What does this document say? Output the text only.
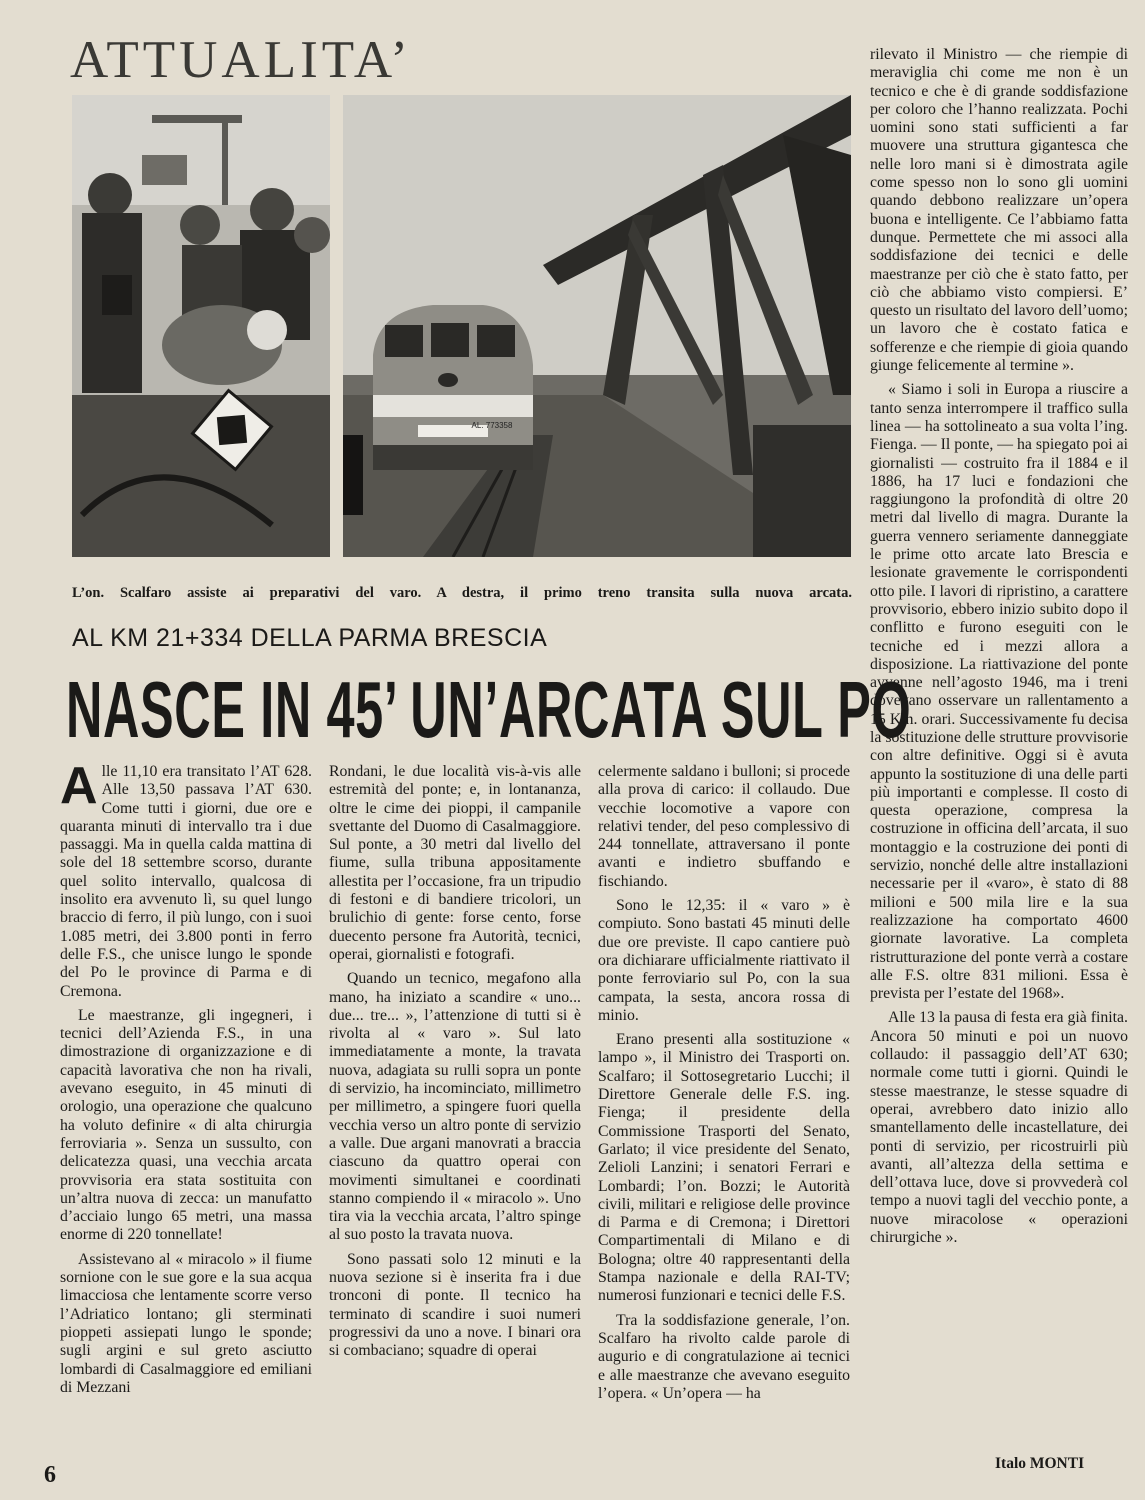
ATTUALITA’
AL. 773358
L’on. Scalfaro assiste ai preparativi del varo. A destra, il primo treno transita sulla nuova arcata.
AL KM 21+334 DELLA PARMA BRESCIA
NASCE IN 45’ UN’ARCATA SUL PO

Alle 11,10 era transitato l’AT 628. Alle 13,50 passava l’AT 630. Come tutti i giorni, due ore e quaranta minuti di intervallo tra i due passaggi. Ma in quella calda mattina di sole del 18 settembre scorso, durante quel solito intervallo, qualcosa di insolito era avvenuto lì, su quel lungo braccio di ferro, il più lungo, con i suoi 1.085 metri, dei 3.800 ponti in ferro delle F.S., che unisce lungo le sponde del Po le province di Parma e di Cremona.

Le maestranze, gli ingegneri, i tecnici dell’Azienda F.S., in una dimostrazione di organizzazione e di capacità lavorativa che non ha rivali, avevano eseguito, in 45 minuti di orologio, una operazione che qualcuno ha voluto definire « di alta chirurgia ferroviaria ». Senza un sussulto, con delicatezza quasi, una vecchia arcata provvisoria era stata sostituita con un’altra nuova di zecca: un manufatto d’acciaio lungo 65 metri, una massa enorme di 220 tonnellate!

Assistevano al « miracolo » il fiume sornione con le sue gore e la sua acqua limacciosa che lentamente scorre verso l’Adriatico lontano; gli sterminati pioppeti assiepati lungo le sponde; sugli argini e sul greto asciutto lombardi di Casalmaggiore ed emiliani di Mezzani

Rondani, le due località vis-à-vis alle estremità del ponte; e, in lontananza, oltre le cime dei pioppi, il campanile svettante del Duomo di Casalmaggiore. Sul ponte, a 30 metri dal livello del fiume, sulla tribuna appositamente allestita per l’occasione, fra un tripudio di festoni e di bandiere tricolori, un brulichio di gente: forse cento, forse duecento persone fra Autorità, tecnici, operai, giornalisti e fotografi.

Quando un tecnico, megafono alla mano, ha iniziato a scandire « uno... due... tre... », l’attenzione di tutti si è rivolta al « varo ». Sul lato immediatamente a monte, la travata nuova, adagiata su rulli sopra un ponte di servizio, ha incominciato, millimetro per millimetro, a spingere fuori quella vecchia verso un altro ponte di servizio a valle. Due argani manovrati a braccia ciascuno da quattro operai con movimenti simultanei e coordinati stanno compiendo il « miracolo ». Uno tira via la vecchia arcata, l’altro spinge al suo posto la travata nuova.

Sono passati solo 12 minuti e la nuova sezione si è inserita fra i due tronconi di ponte. Il tecnico ha terminato di scandire i suoi numeri progressivi da uno a nove. I binari ora si combaciano; squadre di operai

celermente saldano i bulloni; si procede alla prova di carico: il collaudo. Due vecchie locomotive a vapore con relativi tender, del peso complessivo di 244 tonnellate, attraversano il ponte avanti e indietro sbuffando e fischiando.

Sono le 12,35: il « varo » è compiuto. Sono bastati 45 minuti delle due ore previste. Il capo cantiere può ora dichiarare ufficialmente riattivato il ponte ferroviario sul Po, con la sua campata, la sesta, ancora rossa di minio.

Erano presenti alla sostituzione « lampo », il Ministro dei Trasporti on. Scalfaro; il Sottosegretario Lucchi; il Direttore Generale delle F.S. ing. Fienga; il presidente della Commissione Trasporti del Senato, Garlato; il vice presidente del Senato, Zelioli Lanzini; i senatori Ferrari e Lombardi; l’on. Bozzi; le Autorità civili, militari e religiose delle province di Parma e di Cremona; i Direttori Compartimentali di Milano e di Bologna; oltre 40 rappresentanti della Stampa nazionale e della RAI-TV; numerosi funzionari e tecnici delle F.S.

Tra la soddisfazione generale, l’on. Scalfaro ha rivolto calde parole di augurio e di congratulazione ai tecnici e alle maestranze che avevano eseguito l’opera. « Un’opera — ha

rilevato il Ministro — che riempie di meraviglia chi come me non è un tecnico e che è di grande soddisfazione per coloro che l’hanno realizzata. Pochi uomini sono stati sufficienti a far muovere una struttura gigantesca che nelle loro mani si è dimostrata agile come spesso non lo sono gli uomini quando debbono realizzare un’opera buona e intelligente. Ce l’abbiamo fatta dunque. Permettete che mi associ alla soddisfazione dei tecnici e delle maestranze per ciò che è stato fatto, per ciò che abbiamo visto compiersi. E’ questo un risultato del lavoro dell’uomo; un lavoro che è costato fatica e sofferenze e che riempie di gioia quando giunge felicemente al termine ».

« Siamo i soli in Europa a riuscire a tanto senza interrompere il traffico sulla linea — ha sottolineato a sua volta l’ing. Fienga. — Il ponte, — ha spiegato poi ai giornalisti — costruito fra il 1884 e il 1886, ha 17 luci e fondazioni che raggiungono la profondità di oltre 20 metri dal livello di magra. Durante la guerra vennero seriamente danneggiate le prime otto arcate lato Brescia e lesionate gravemente le corrispondenti otto pile. I lavori di ripristino, a carattere provvisorio, ebbero inizio subito dopo il conflitto e furono eseguiti con le tecniche ed i mezzi allora a disposizione. La riattivazione del ponte avvenne nell’agosto 1946, ma i treni dovevano osservare un rallentamento a 15 Km. orari. Successivamente fu decisa la sostituzione delle strutture provvisorie con altre definitive. Oggi si è avuta appunto la sostituzione di una delle parti più importanti e complesse. Il costo di questa operazione, compresa la costruzione in officina dell’arcata, il suo montaggio e la costruzione dei ponti di servizio, nonché delle altre installazioni necessarie per il «varo», è stato di 88 milioni e 500 mila lire e la sua realizzazione ha comportato 4600 giornate lavorative. La completa ristrutturazione del ponte verrà a costare alle F.S. oltre 831 milioni. Essa è prevista per l’estate del 1968».

Alle 13 la pausa di festa era già finita. Ancora 50 minuti e poi un nuovo collaudo: il passaggio dell’AT 630; normale come tutti i giorni. Quindi le stesse maestranze, le stesse squadre di operai, avrebbero dato inizio allo smantellamento delle incastellature, dei ponti di servizio, per ricostruirli più avanti, all’altezza della settima e dell’ottava luce, dove si provvederà col tempo a nuovi tagli del vecchio ponte, a nuove miracolose « operazioni chirurgiche ».

Italo MONTI
6
